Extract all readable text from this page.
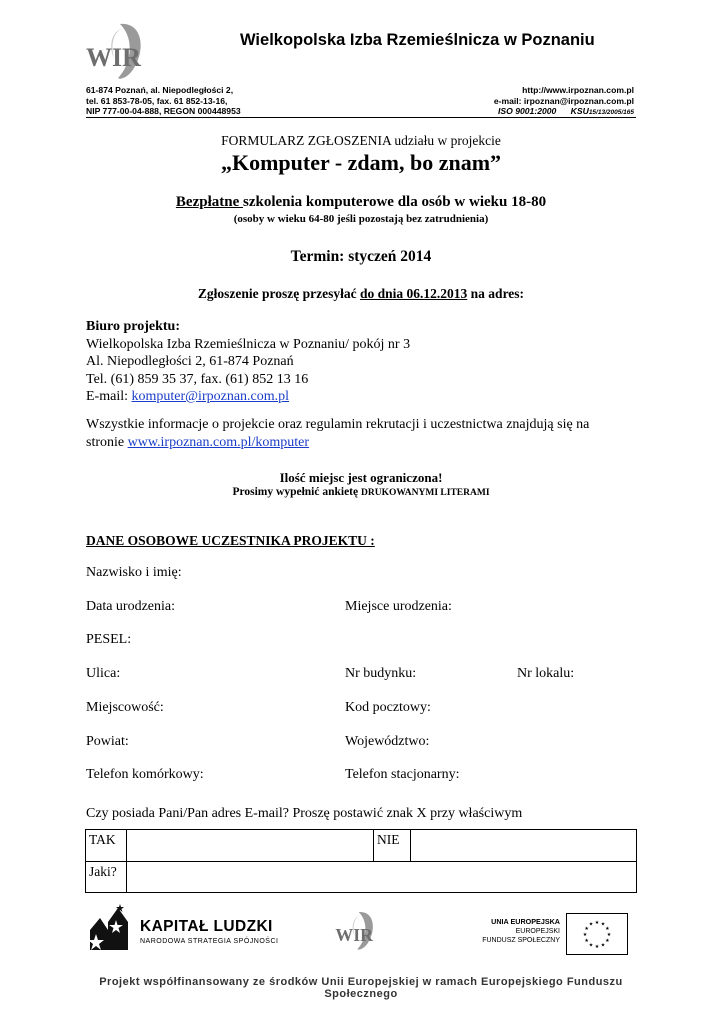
WIR
Wielkopolska Izba Rzemieślnicza w Poznaniu
61-874 Poznań, al. Niepodległości 2,
tel. 61 853-78-05, fax. 61 852-13-16,
NIP 777-00-04-888, REGON 000448953
http://www.irpoznan.com.pl
e-mail: irpoznan@irpoznan.com.pl
ISO 9001:2000 KSU15/13/2005/165
FORMULARZ ZGŁOSZENIA udziału w projekcie
„Komputer - zdam, bo znam”
Bezpłatne szkolenia komputerowe dla osób w wieku 18-80
(osoby w wieku 64-80 jeśli pozostają bez zatrudnienia)
Termin: styczeń 2014
Zgłoszenie proszę przesyłać do dnia 06.12.2013 na adres:
Biuro projektu:
Wielkopolska Izba Rzemieślnicza w Poznaniu/ pokój nr 3
Al. Niepodległości 2, 61-874 Poznań
Tel. (61) 859 35 37, fax. (61) 852 13 16
E-mail: komputer@irpoznan.com.pl
Wszystkie informacje o projekcie oraz regulamin rekrutacji i uczestnictwa znajdują się na
stronie www.irpoznan.com.pl/komputer
Ilość miejsc jest ograniczona!
Prosimy wypełnić ankietę DRUKOWANYMI LITERAMI
DANE OSOBOWE UCZESTNIKA PROJEKTU :
Nazwisko i imię:
Data urodzenia:	Miejsce urodzenia:
PESEL:
Ulica:	Nr budynku:	Nr lokalu:
Miejscowość:	Kod pocztowy:
Powiat:	Województwo:
Telefon komórkowy:	Telefon stacjonarny:
Czy posiada Pani/Pan adres E-mail? Proszę postawić znak X przy właściwym
TAK		NIE	
Jaki?			
KAPITAŁ LUDZKI
NARODOWA STRATEGIA SPÓJNOŚCI WIR
UNIA EUROPEJSKA
EUROPEJSKI
FUNDUSZ SPOŁECZNY
★ ★
★
★
★
★
★
★
★
★
★
★
Projekt współfinansowany ze środków Unii Europejskiej w ramach Europejskiego Funduszu Społecznego
